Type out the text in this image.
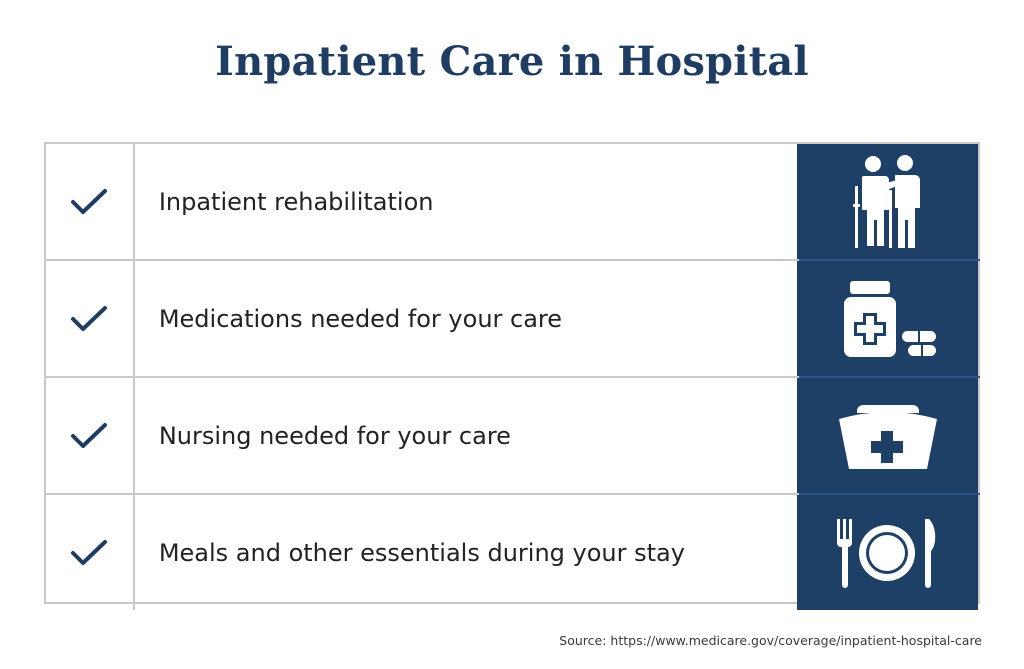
Inpatient Care in Hospital
Inpatient rehabilitation
Medications needed for your care
Nursing needed for your care
Meals and other essentials during your stay
Source: https://www.medicare.gov/coverage/inpatient-hospital-care
